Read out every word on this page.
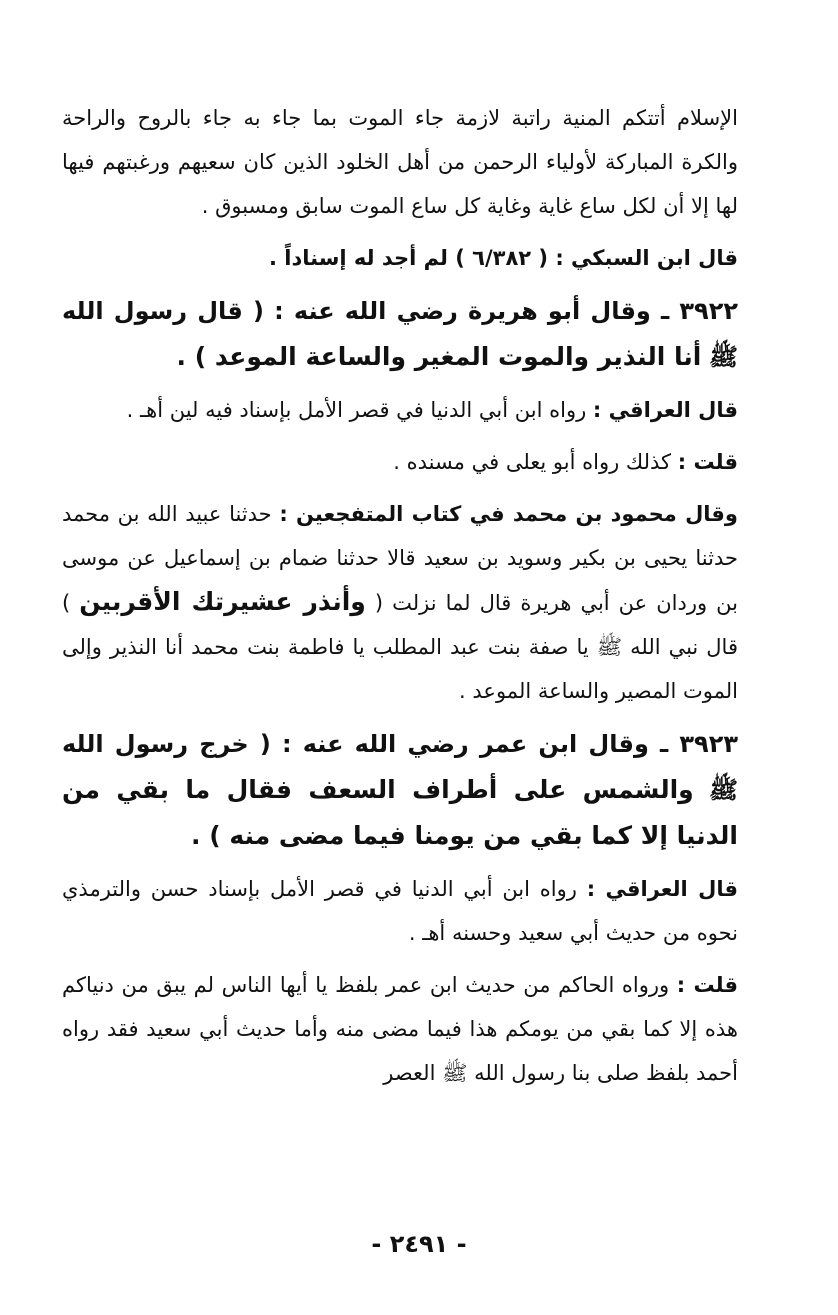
الإسلام أتتكم المنية راتبة لازمة جاء الموت بما جاء به جاء بالروح والراحة والكرة المباركة لأولياء الرحمن من أهل الخلود الذين كان سعيهم ورغبتهم فيها لها إلا أن لكل ساع غاية وغاية كل ساع الموت سابق ومسبوق .

قال ابن السبكي : ( ٦/٣٨٢ ) لم أجد له إسناداً .

٣٩٢٢ ـ وقال أبو هريرة رضي الله عنه : ( قال رسول الله ﷺ أنا النذير والموت المغير والساعة الموعد ) .

قال العراقي : رواه ابن أبي الدنيا في قصر الأمل بإسناد فيه لين أهـ .

قلت : كذلك رواه أبو يعلى في مسنده .

وقال محمود بن محمد في كتاب المتفجعين : حدثنا عبيد الله بن محمد حدثنا يحيى بن بكير وسويد بن سعيد قالا حدثنا ضمام بن إسماعيل عن موسى بن وردان عن أبي هريرة قال لما نزلت ( وأنذر عشيرتك الأقربين ) قال نبي الله ﷺ يا صفة بنت عبد المطلب يا فاطمة بنت محمد أنا النذير وإلى الموت المصير والساعة الموعد .

٣٩٢٣ ـ وقال ابن عمر رضي الله عنه : ( خرج رسول الله ﷺ والشمس على أطراف السعف فقال ما بقي من الدنيا إلا كما بقي من يومنا فيما مضى منه ) .

قال العراقي : رواه ابن أبي الدنيا في قصر الأمل بإسناد حسن والترمذي نحوه من حديث أبي سعيد وحسنه أهـ .

قلت : ورواه الحاكم من حديث ابن عمر بلفظ يا أيها الناس لم يبق من دنياكم هذه إلا كما بقي من يومكم هذا فيما مضى منه وأما حديث أبي سعيد فقد رواه أحمد بلفظ صلى بنا رسول الله ﷺ العصر

- ٢٤٩١ -
